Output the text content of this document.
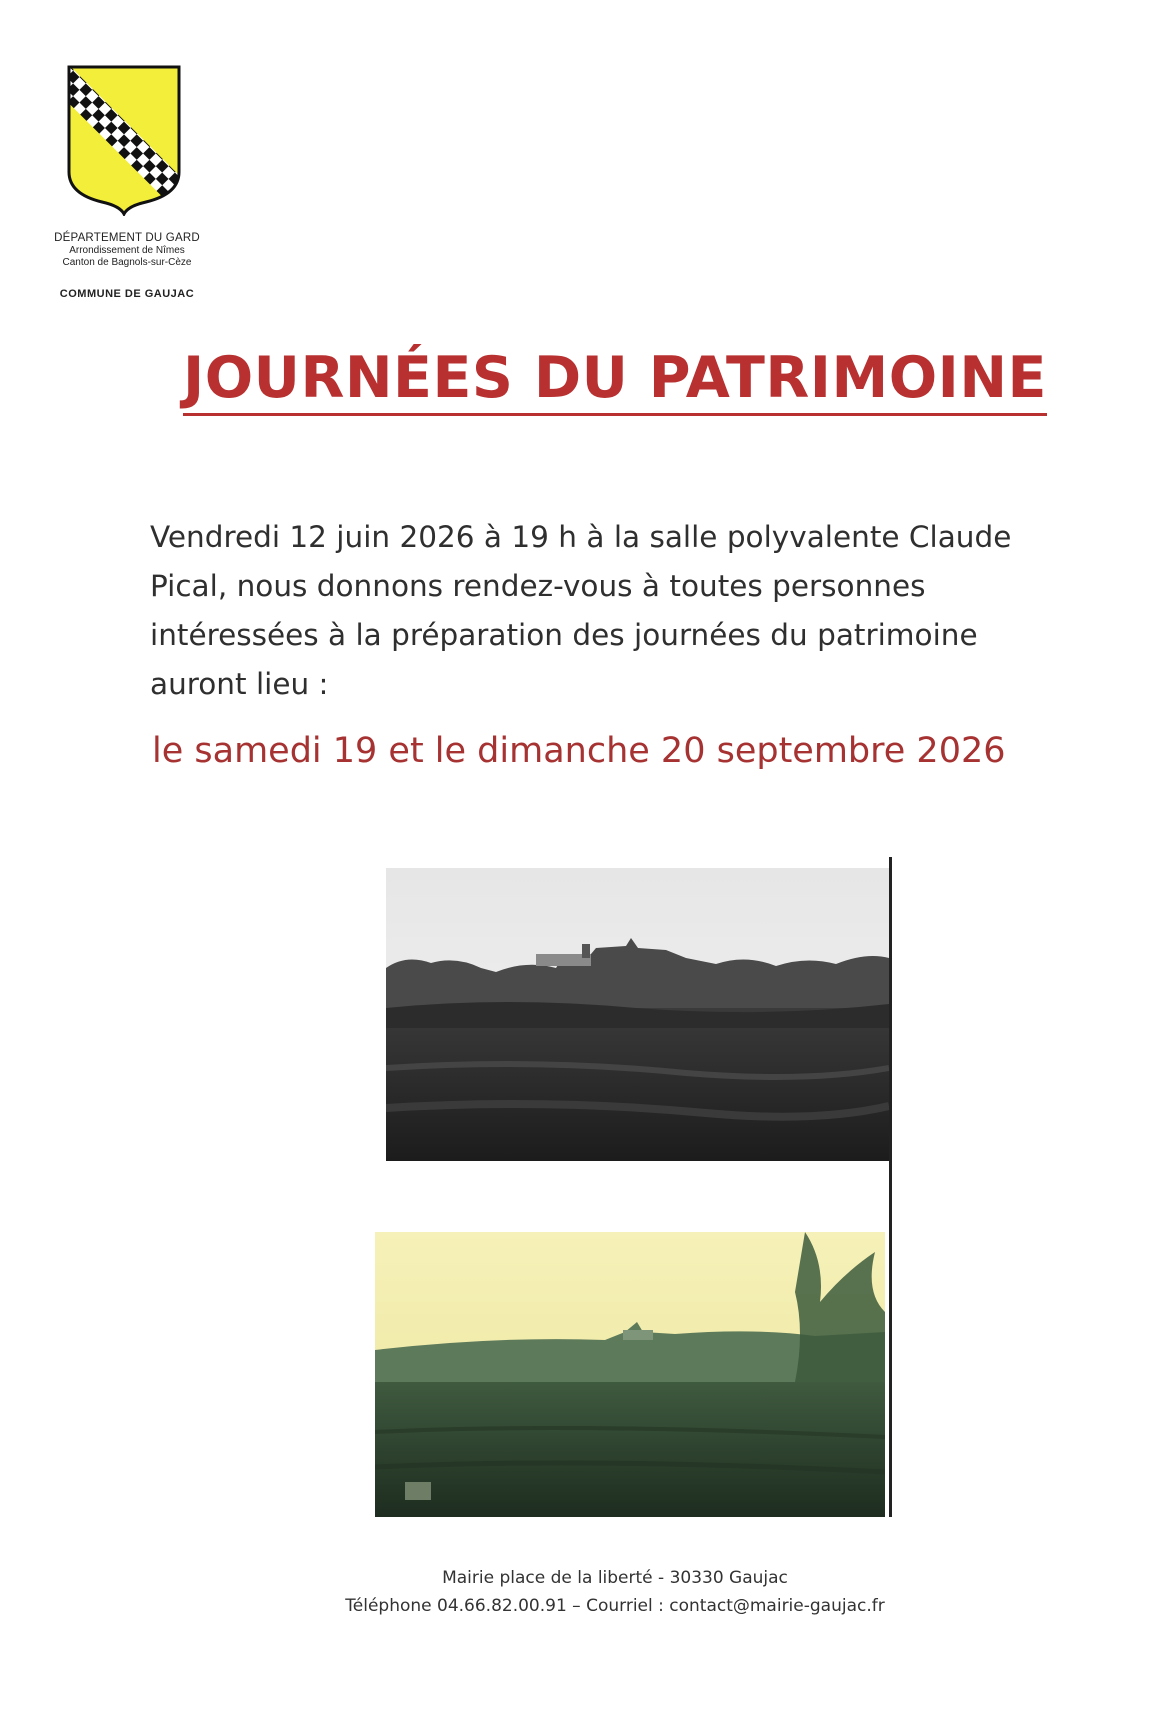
DÉPARTEMENT DU GARD
Arrondissement de Nîmes
Canton de Bagnols-sur-Cèze
COMMUNE DE GAUJAC
JOURNÉES DU PATRIMOINE
Vendredi 12 juin 2026 à 19 h à la salle polyvalente Claude
Pical, nous donnons rendez-vous à toutes personnes
intéressées à la préparation des journées du patrimoine
auront lieu :
le samedi 19 et le dimanche 20 septembre 2026
Mairie place de la liberté - 30330 Gaujac
Téléphone 04.66.82.00.91 – Courriel : contact@mairie-gaujac.fr
